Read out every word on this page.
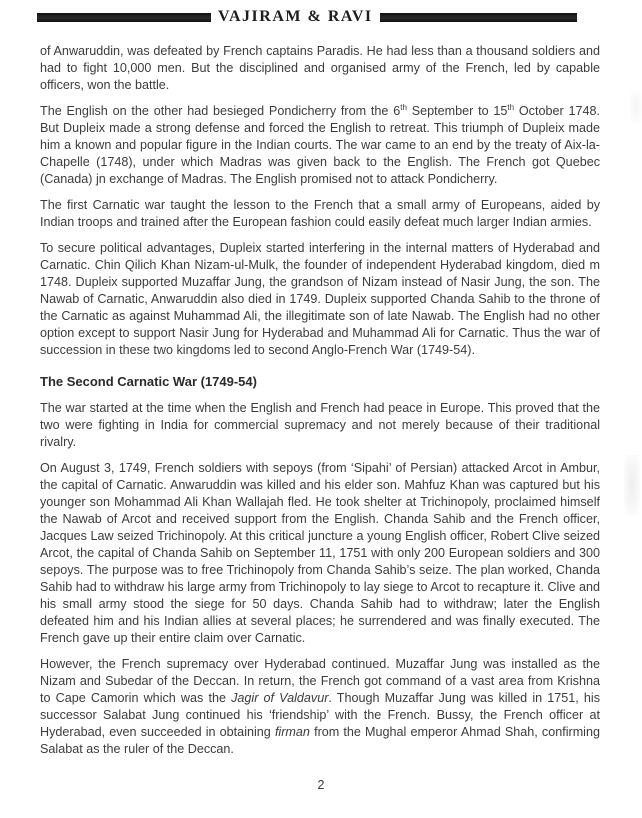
VAJIRAM & RAVI

of Anwaruddin, was defeated by French captains Paradis. He had less than a thousand soldiers and had to fight 10,000 men. But the disciplined and organised army of the French, led by capable officers, won the battle.

The English on the other had besieged Pondicherry from the 6th September to 15th October 1748. But Dupleix made a strong defense and forced the English to retreat. This triumph of Dupleix made him a known and popular figure in the Indian courts. The war came to an end by the treaty of Aix-la-Chapelle (1748), under which Madras was given back to the English. The French got Quebec (Canada) jn exchange of Madras. The English promised not to attack Pondicherry.

The first Carnatic war taught the lesson to the French that a small army of Europeans, aided by Indian troops and trained after the European fashion could easily defeat much larger Indian armies.

To secure political advantages, Dupleix started interfering in the internal matters of Hyderabad and Carnatic. Chin Qilich Khan Nizam-ul-Mulk, the founder of independent Hyderabad kingdom, died m 1748. Dupleix supported Muzaffar Jung, the grandson of Nizam instead of Nasir Jung, the son. The Nawab of Carnatic, Anwaruddin also died in 1749. Dupleix supported Chanda Sahib to the throne of the Carnatic as against Muhammad Ali, the illegitimate son of late Nawab. The English had no other option except to support Nasir Jung for Hyderabad and Muhammad Ali for Carnatic. Thus the war of succession in these two kingdoms led to second Anglo-French War (1749-54).

The Second Carnatic War (1749-54)

The war started at the time when the English and French had peace in Europe. This proved that the two were fighting in India for commercial supremacy and not merely because of their traditional rivalry.

On August 3, 1749, French soldiers with sepoys (from ‘Sipahi’ of Persian) attacked Arcot in Ambur, the capital of Carnatic. Anwaruddin was killed and his elder son. Mahfuz Khan was captured but his younger son Mohammad Ali Khan Wallajah fled. He took shelter at Trichinopoly, proclaimed himself the Nawab of Arcot and received support from the English. Chanda Sahib and the French officer, Jacques Law seized Trichinopoly. At this critical juncture a young English officer, Robert Clive seized Arcot, the capital of Chanda Sahib on September 11, 1751 with only 200 European soldiers and 300 sepoys. The purpose was to free Trichinopoly from Chanda Sahib’s seize. The plan worked, Chanda Sahib had to withdraw his large army from Trichinopoly to lay siege to Arcot to recapture it. Clive and his small army stood the siege for 50 days. Chanda Sahib had to withdraw; later the English defeated him and his Indian allies at several places; he surrendered and was finally executed. The French gave up their entire claim over Carnatic.

However, the French supremacy over Hyderabad continued. Muzaffar Jung was installed as the Nizam and Subedar of the Deccan. In return, the French got command of a vast area from Krishna to Cape Camorin which was the Jagir of Valdavur. Though Muzaffar Jung was killed in 1751, his successor Salabat Jung continued his ‘friendship’ with the French. Bussy, the French officer at Hyderabad, even succeeded in obtaining firman from the Mughal emperor Ahmad Shah, confirming Salabat as the ruler of the Deccan.

2
